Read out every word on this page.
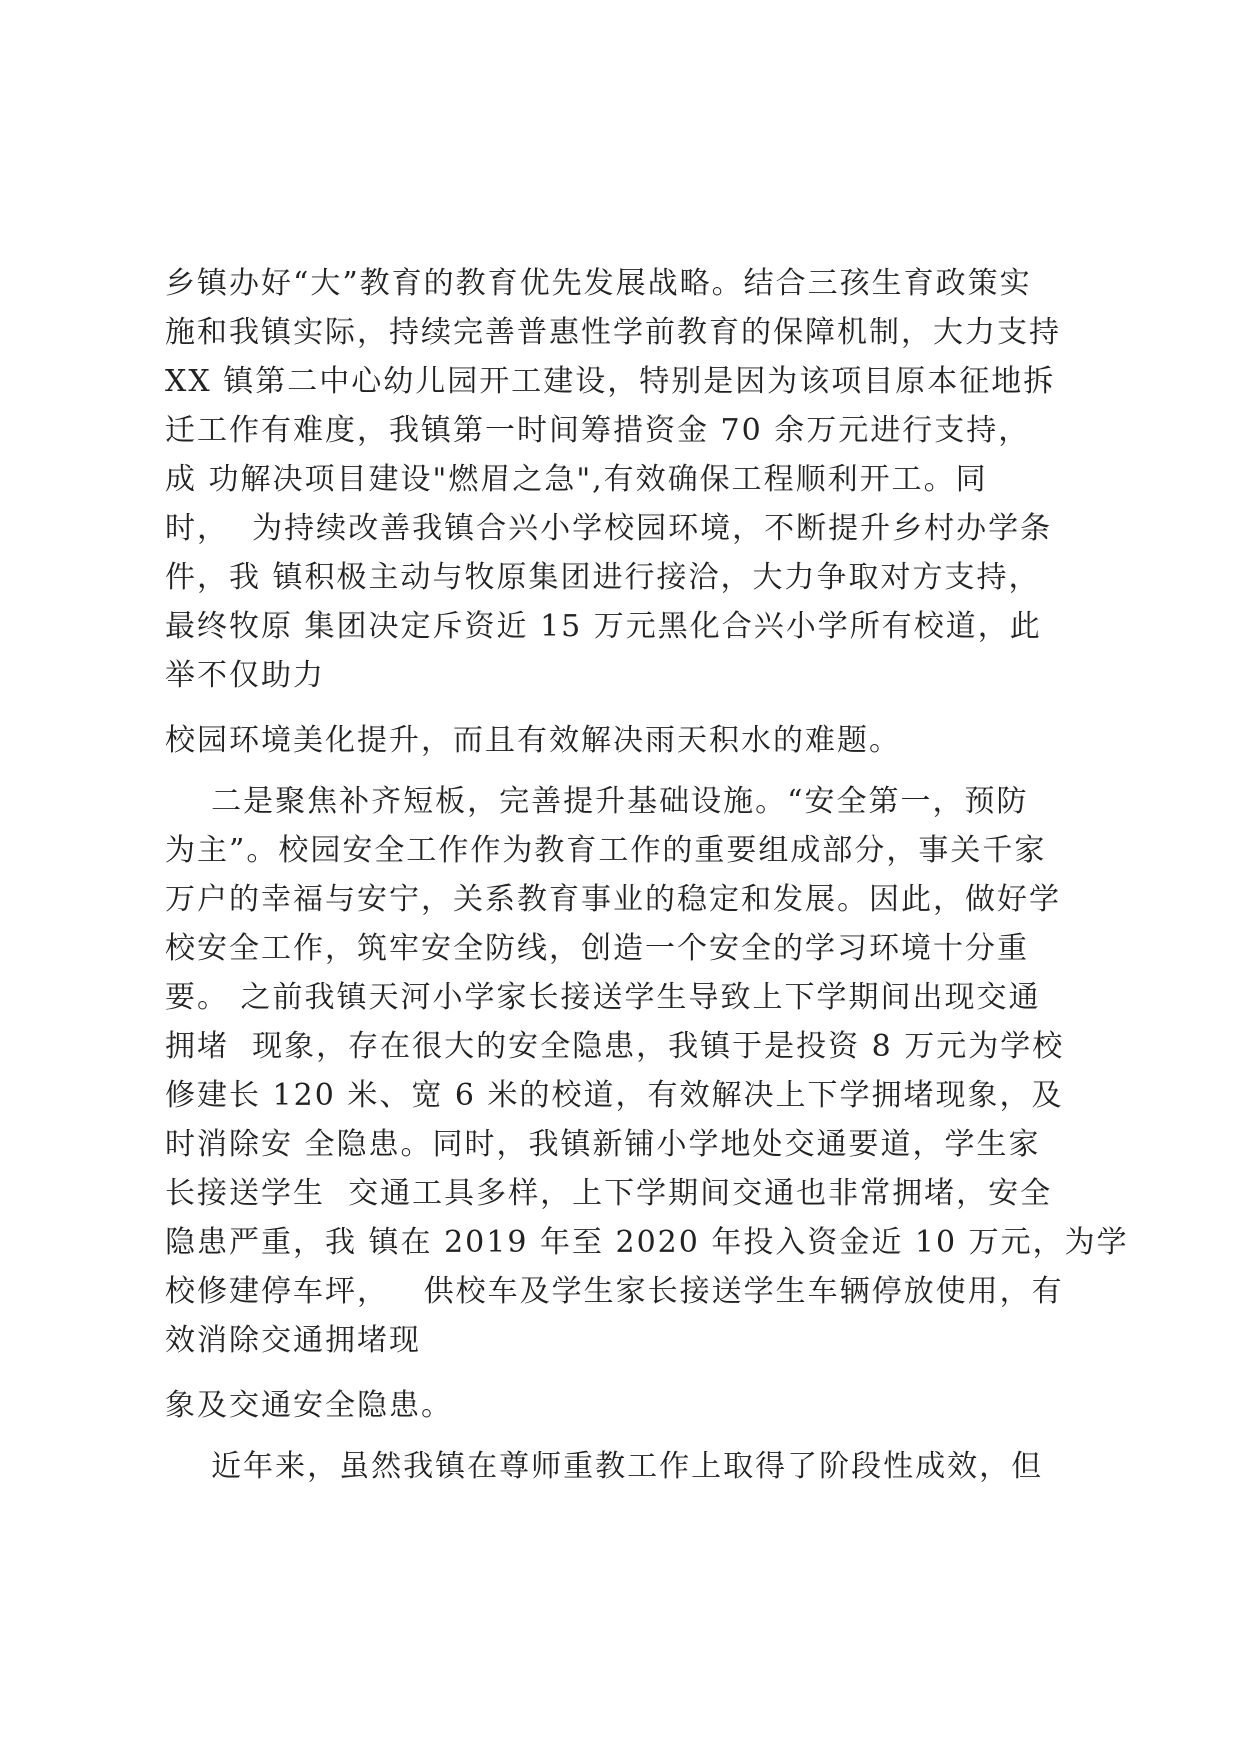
乡镇办好“大”教育的教育优先发展战略。结合三孩生育政策实
施和我镇实际，持续完善普惠性学前教育的保障机制，大力支持
XX 镇第二中心幼儿园开工建设，特别是因为该项目原本征地拆
迁工作有难度，我镇第一时间筹措资金 70 余万元进行支持，
成 功解决项目建设"燃眉之急",有效确保工程顺利开工。同
时，  为持续改善我镇合兴小学校园环境，不断提升乡村办学条
件，我 镇积极主动与牧原集团进行接洽，大力争取对方支持，
最终牧原 集团决定斥资近 15 万元黑化合兴小学所有校道，此
举不仅助力
校园环境美化提升，而且有效解决雨天积水的难题。
二是聚焦补齐短板，完善提升基础设施。“安全第一，预防
为主”。校园安全工作作为教育工作的重要组成部分，事关千家
万户的幸福与安宁，关系教育事业的稳定和发展。因此，做好学
校安全工作，筑牢安全防线，创造一个安全的学习环境十分重
要。 之前我镇天河小学家长接送学生导致上下学期间出现交通
拥堵  现象，存在很大的安全隐患，我镇于是投资 8 万元为学校
修建长 120 米、宽 6 米的校道，有效解决上下学拥堵现象，及
时消除安 全隐患。同时，我镇新铺小学地处交通要道，学生家
长接送学生  交通工具多样，上下学期间交通也非常拥堵，安全
隐患严重，我 镇在 2019 年至 2020 年投入资金近 10 万元，为学
校修建停车坪，   供校车及学生家长接送学生车辆停放使用，有
效消除交通拥堵现
象及交通安全隐患。
近年来，虽然我镇在尊师重教工作上取得了阶段性成效，但
